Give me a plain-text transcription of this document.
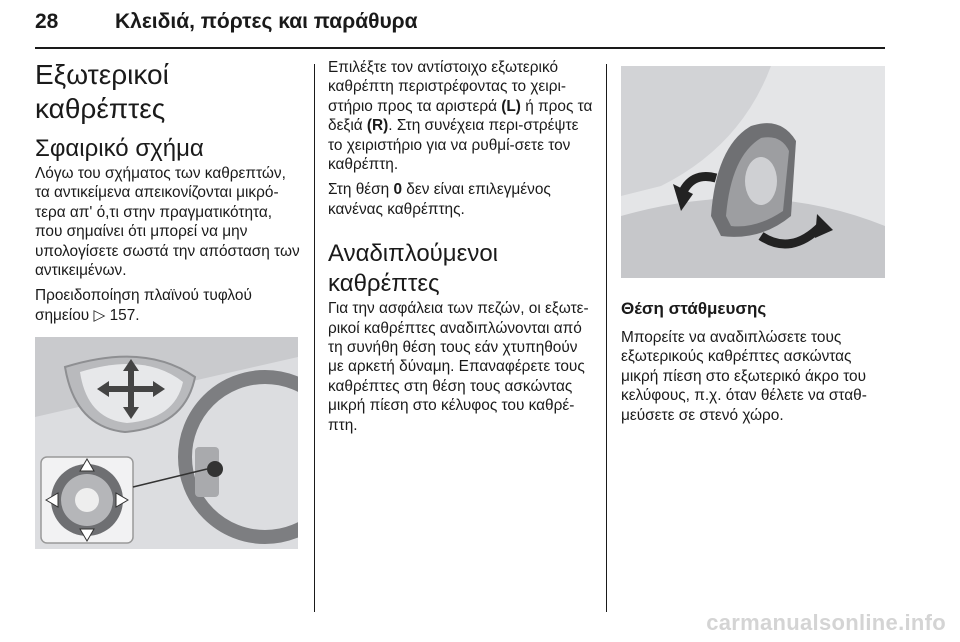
28	Κλειδιά, πόρτες και παράθυρα
Εξωτερικοί καθρέπτες
Σφαιρικό σχήμα

Λόγω του σχήματος των καθρεπτών, τα αντικείμενα απεικονίζονται μικρό-τερα απ' ό,τι στην πραγματικότητα, που σημαίνει ότι μπορεί να μην υπολογίσετε σωστά την απόσταση των αντικειμένων.

Προειδοποίηση πλαϊνού τυφλού σημείου ▷ 157.

Επιλέξτε τον αντίστοιχο εξωτερικό καθρέπτη περιστρέφοντας το χειρι-στήριο προς τα αριστερά (L) ή προς τα δεξιά (R). Στη συνέχεια περι-στρέψτε το χειριστήριο για να ρυθμί-σετε τον καθρέπτη.

Στη θέση 0 δεν είναι επιλεγμένος κανένας καθρέπτης.

Αναδιπλούμενοι καθρέπτες

Για την ασφάλεια των πεζών, οι εξωτε-ρικοί καθρέπτες αναδιπλώνονται από τη συνήθη θέση τους εάν χτυπηθούν με αρκετή δύναμη. Επαναφέρετε τους καθρέπτες στη θέση τους ασκώντας μικρή πίεση στο κέλυφος του καθρέ-πτη.

Θέση στάθμευσης

Μπορείτε να αναδιπλώσετε τους εξωτερικούς καθρέπτες ασκώντας μικρή πίεση στο εξωτερικό άκρο του κελύφους, π.χ. όταν θέλετε να σταθ-μεύσετε σε στενό χώρο.

carmanualsonline.info
